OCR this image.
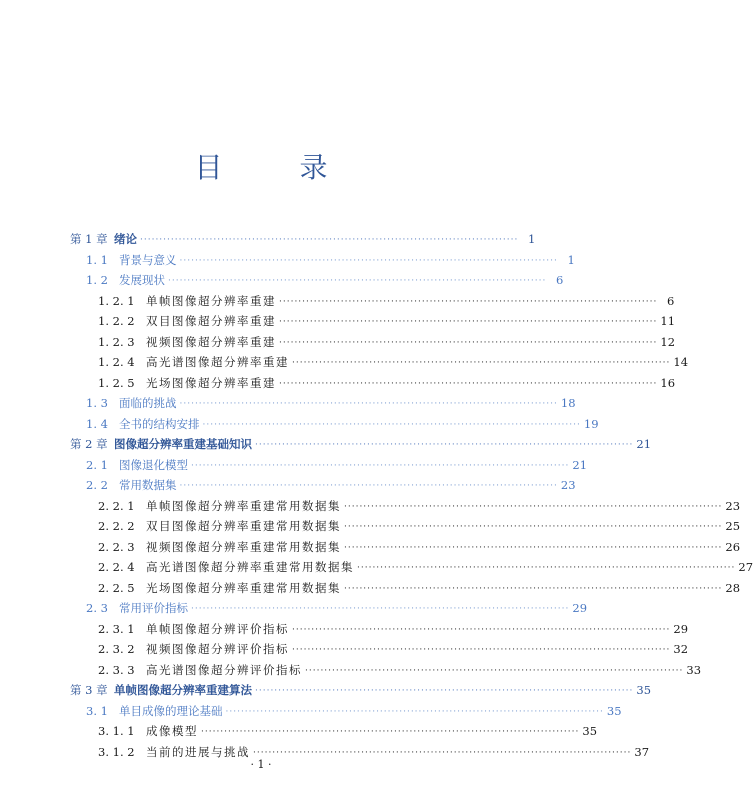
目 录
第 1 章 绪论 ·································································································· 1
1. 1 背景与意义 ·································································································· 1
1. 2 发展现状 ·································································································· 6
1. 2. 1 单帧图像超分辨率重建 ·································································································· 6
1. 2. 2 双目图像超分辨率重建 ·································································································· 11
1. 2. 3 视频图像超分辨率重建 ·································································································· 12
1. 2. 4 高光谱图像超分辨率重建 ·································································································· 14
1. 2. 5 光场图像超分辨率重建 ·································································································· 16
1. 3 面临的挑战 ·································································································· 18
1. 4 全书的结构安排 ·································································································· 19
第 2 章 图像超分辨率重建基础知识 ·································································································· 21
2. 1 图像退化模型 ·································································································· 21
2. 2 常用数据集 ·································································································· 23
2. 2. 1 单帧图像超分辨率重建常用数据集 ·································································································· 23
2. 2. 2 双目图像超分辨率重建常用数据集 ·································································································· 25
2. 2. 3 视频图像超分辨率重建常用数据集 ·································································································· 26
2. 2. 4 高光谱图像超分辨率重建常用数据集 ·································································································· 27
2. 2. 5 光场图像超分辨率重建常用数据集 ·································································································· 28
2. 3 常用评价指标 ·································································································· 29
2. 3. 1 单帧图像超分辨评价指标 ·································································································· 29
2. 3. 2 视频图像超分辨评价指标 ·································································································· 32
2. 3. 3 高光谱图像超分辨评价指标 ·································································································· 33
第 3 章 单帧图像超分辨率重建算法 ·································································································· 35
3. 1 单目成像的理论基础 ·································································································· 35
3. 1. 1 成像模型 ·································································································· 35
3. 1. 2 当前的进展与挑战 ·································································································· 37
· 1 ·
